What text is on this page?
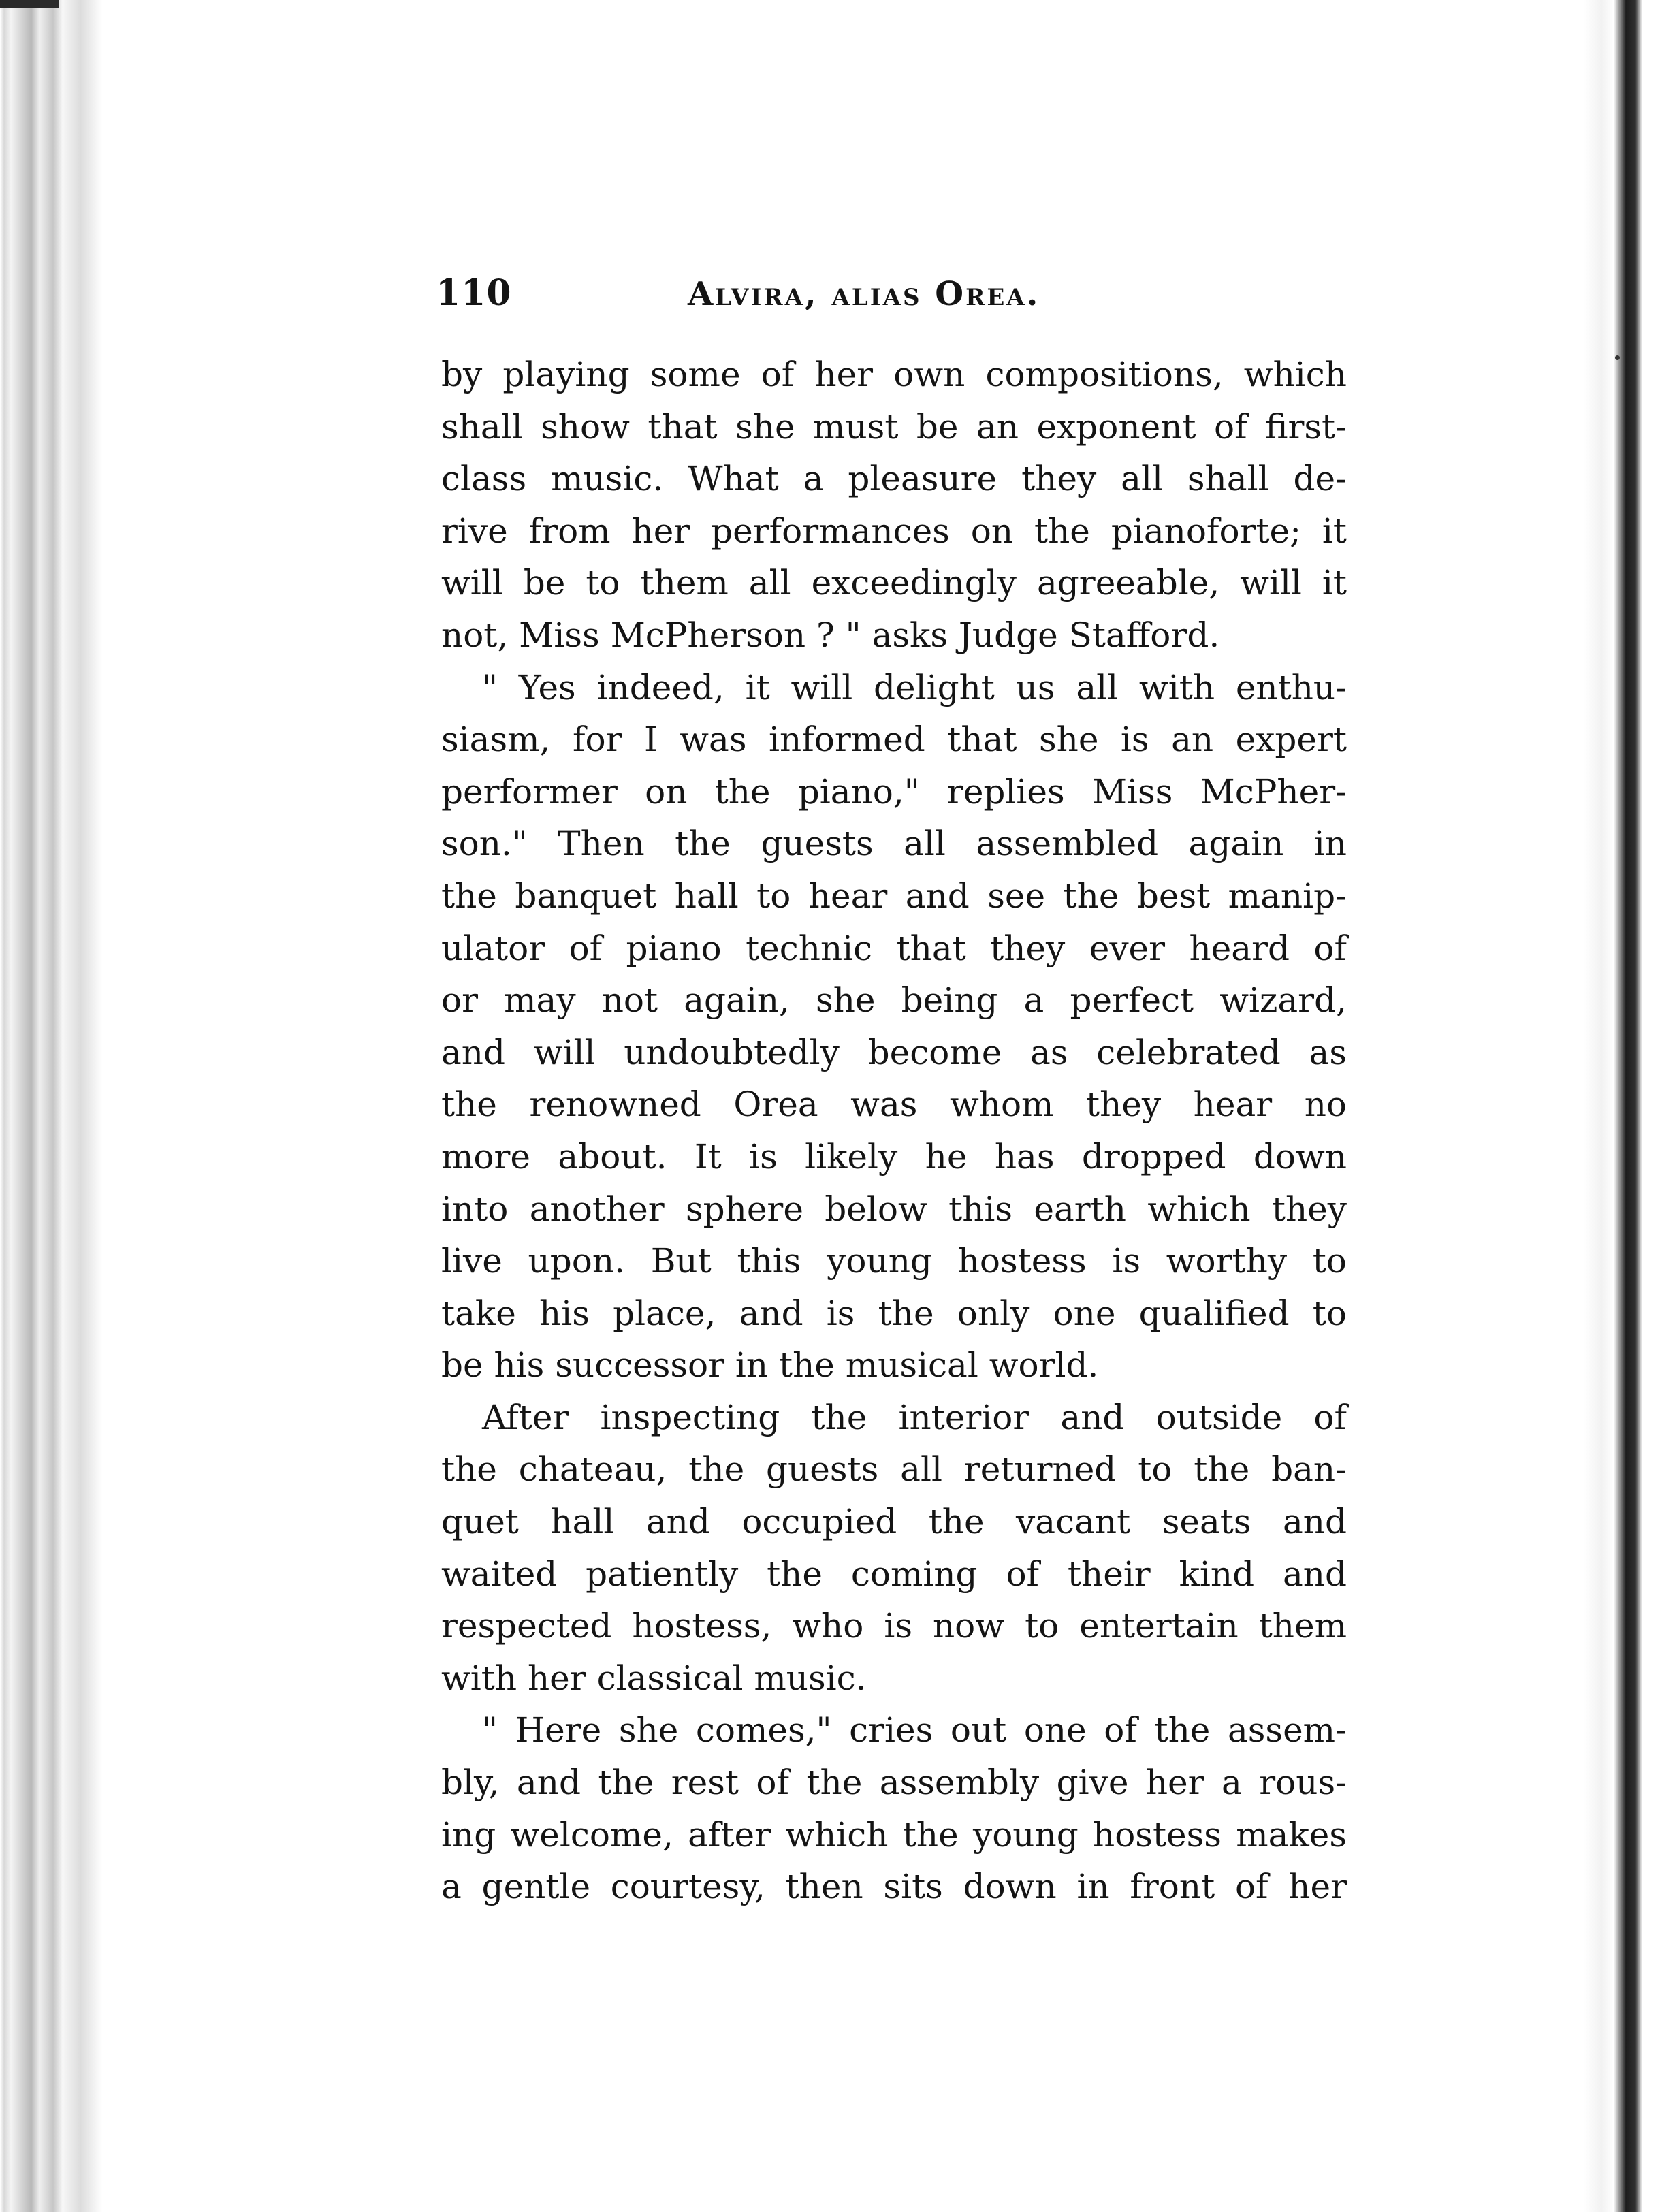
110	Alvira, alias Orea.
by playing some of her own compositions, which
shall show that she must be an exponent of first-
class music. What a pleasure they all shall de-
rive from her performances on the pianoforte; it
will be to them all exceedingly agreeable, will it
not, Miss McPherson ? " asks Judge Stafford.
" Yes indeed, it will delight us all with enthu-
siasm, for I was informed that she is an expert
performer on the piano," replies Miss McPher-
son." Then the guests all assembled again in
the banquet hall to hear and see the best manip-
ulator of piano technic that they ever heard of
or may not again, she being a perfect wizard,
and will undoubtedly become as celebrated as
the renowned Orea was whom they hear no
more about. It is likely he has dropped down
into another sphere below this earth which they
live upon. But this young hostess is worthy to
take his place, and is the only one qualified to
be his successor in the musical world.
After inspecting the interior and outside of
the chateau, the guests all returned to the ban-
quet hall and occupied the vacant seats and
waited patiently the coming of their kind and
respected hostess, who is now to entertain them
with her classical music.
" Here she comes," cries out one of the assem-
bly, and the rest of the assembly give her a rous-
ing welcome, after which the young hostess makes
a gentle courtesy, then sits down in front of her
